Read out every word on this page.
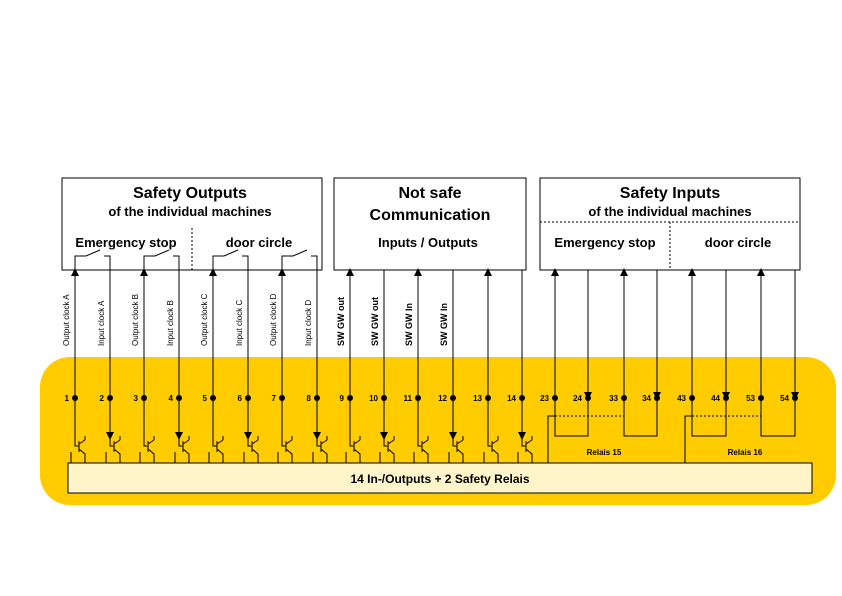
14 In-/Outputs + 2 Safety Relais
Safety Outputs
of the individual machines
Emergency stop	door circle
Not safe
Communication
Inputs / Outputs
Safety Inputs
of the individual machines
Emergency stop	door circle
Relais 15	Relais 16
1	2	3	4	5	6	7	8	9	10	11	12	13	14	23	24	33	34	43	44	53	54
Output clock A	Input clock A	Output clock B	Input clock B	Output clock C	Input clock C	Output clock D	Input clock D	SW GW out	SW GW out	SW GW In	SW GW In
